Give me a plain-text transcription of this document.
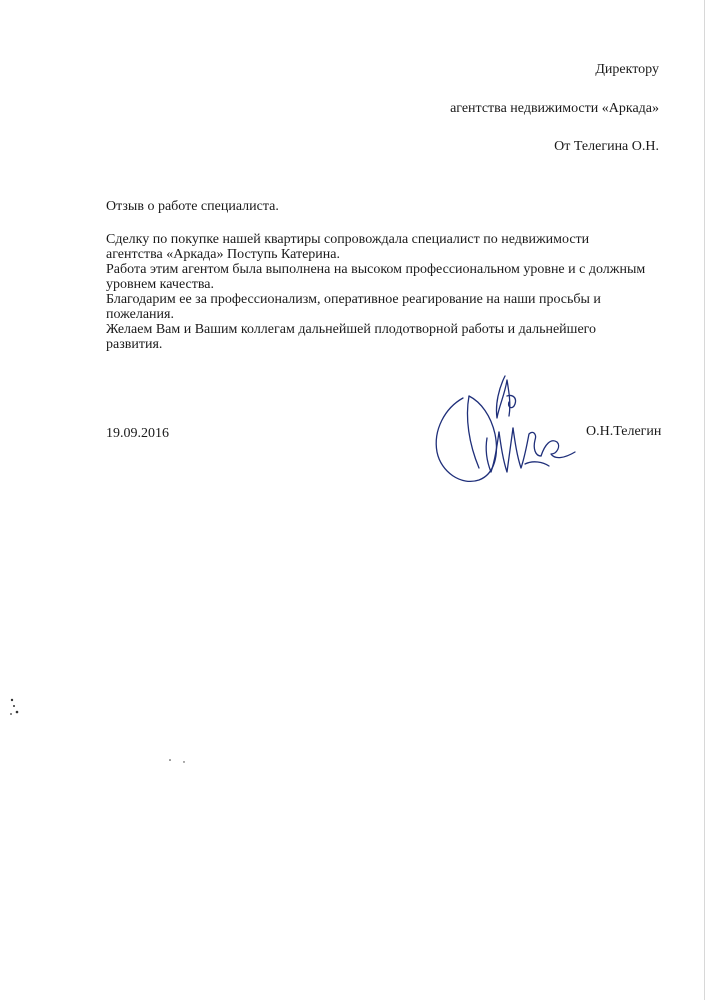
Директору
агентства недвижимости «Аркада»
От Телегина О.Н.
Отзыв о работе специалиста.

Сделку по покупке нашей квартиры сопровождала специалист по недвижимости

агентства «Аркада» Поступь Катерина.

Работа этим агентом была выполнена на высоком профессиональном уровне и с должным

уровнем качества.

Благодарим ее за профессионализм, оперативное реагирование на наши просьбы и

пожелания.

Желаем Вам и Вашим коллегам дальнейшей плодотворной работы и дальнейшего

развития.

19.09.2016	О.Н.Телегин
